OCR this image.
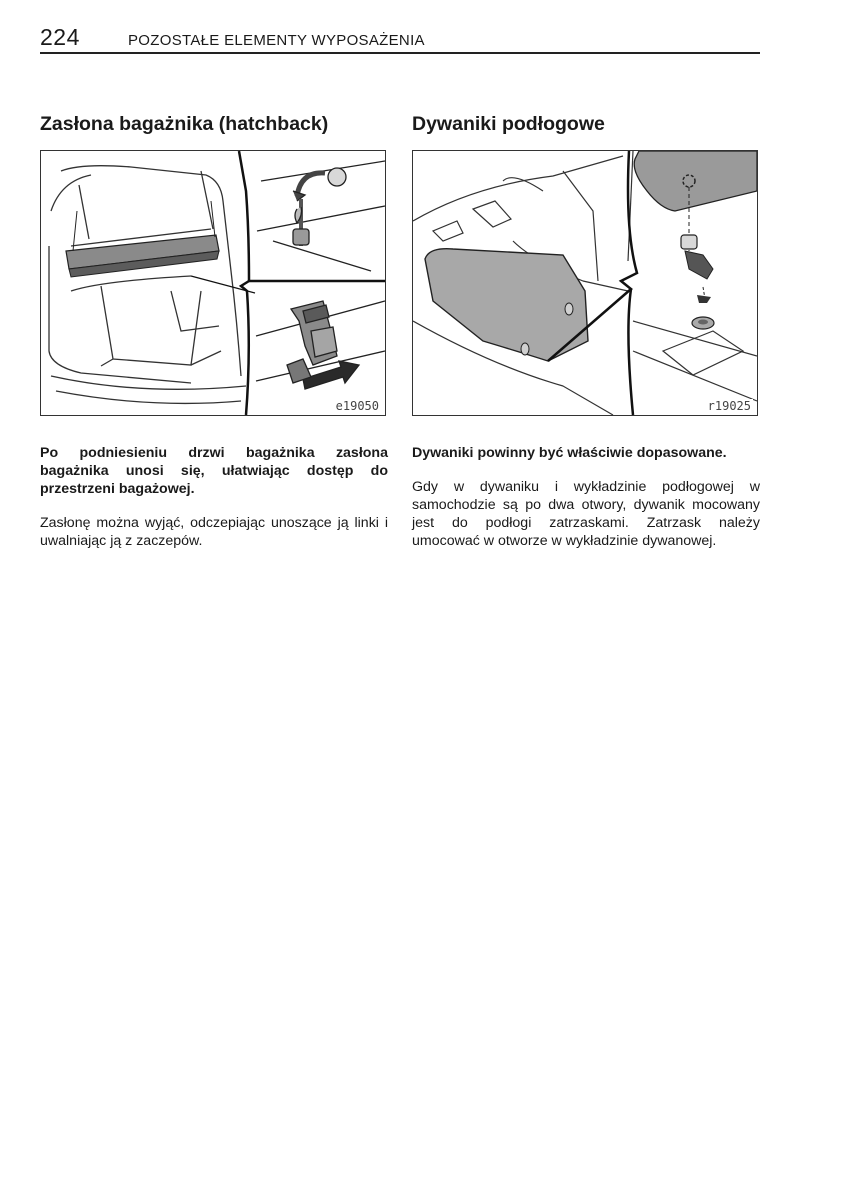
224	POZOSTAŁE ELEMENTY WYPOSAŻENIA
Zasłona bagażnika (hatchback)
e19050

Po podniesieniu drzwi bagażnika zasłona bagażnika unosi się, ułatwiając dostęp do przestrzeni bagażowej.

Zasłonę można wyjąć, odczepiając unoszące ją linki i uwalniając ją z zaczepów.

Dywaniki podłogowe
r19025

Dywaniki powinny być właściwie dopasowane.

Gdy w dywaniku i wykładzinie podłogowej w samochodzie są po dwa otwory, dywanik mocowany jest do podłogi zatrzaskami. Zatrzask należy umocować w otworze w wykładzinie dywanowej.
